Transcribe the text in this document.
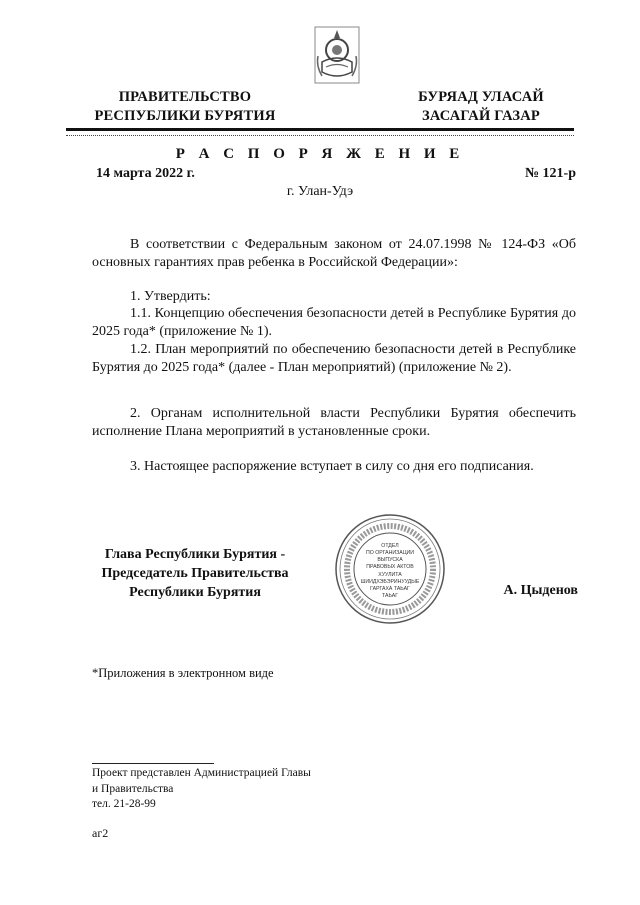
ПРАВИТЕЛЬСТВО
РЕСПУБЛИКИ БУРЯТИЯ
БУРЯАД УЛАСАЙ
ЗАСАГАЙ ГАЗАР
Р А С П О Р Я Ж Е Н И Е
14 марта 2022 г.	№ 121-р
г. Улан-Удэ
В соответствии с Федеральным законом от 24.07.1998 № 124-ФЗ «Об основных гарантиях прав ребенка в Российской Федерации»:
1. Утвердить:
1.1. Концепцию обеспечения безопасности детей в Республике Бурятия до 2025 года* (приложение № 1).
1.2. План мероприятий по обеспечению безопасности детей в Республике Бурятия до 2025 года* (далее - План мероприятий) (приложение № 2).
2. Органам исполнительной власти Республики Бурятия обеспечить исполнение Плана мероприятий в установленные сроки.
3. Настоящее распоряжение вступает в силу со дня его подписания.
Глава Республики Бурятия -
Председатель Правительства
Республики Бурятия
ОТДЕЛ
ПО ОРГАНИЗАЦИИ
ВЫПУСКА
ПРАВОВЫХ АКТОВ
ХУУЛИТА
ШИИДХЭБЭРИНУУДЫЕ
ГАРГАХА ТАЬАГ
ТАЬАГ	А. Цыденов
*Приложения в электронном виде
Проект представлен Администрацией Главы
и Правительства
тел. 21-28-99
аг2
